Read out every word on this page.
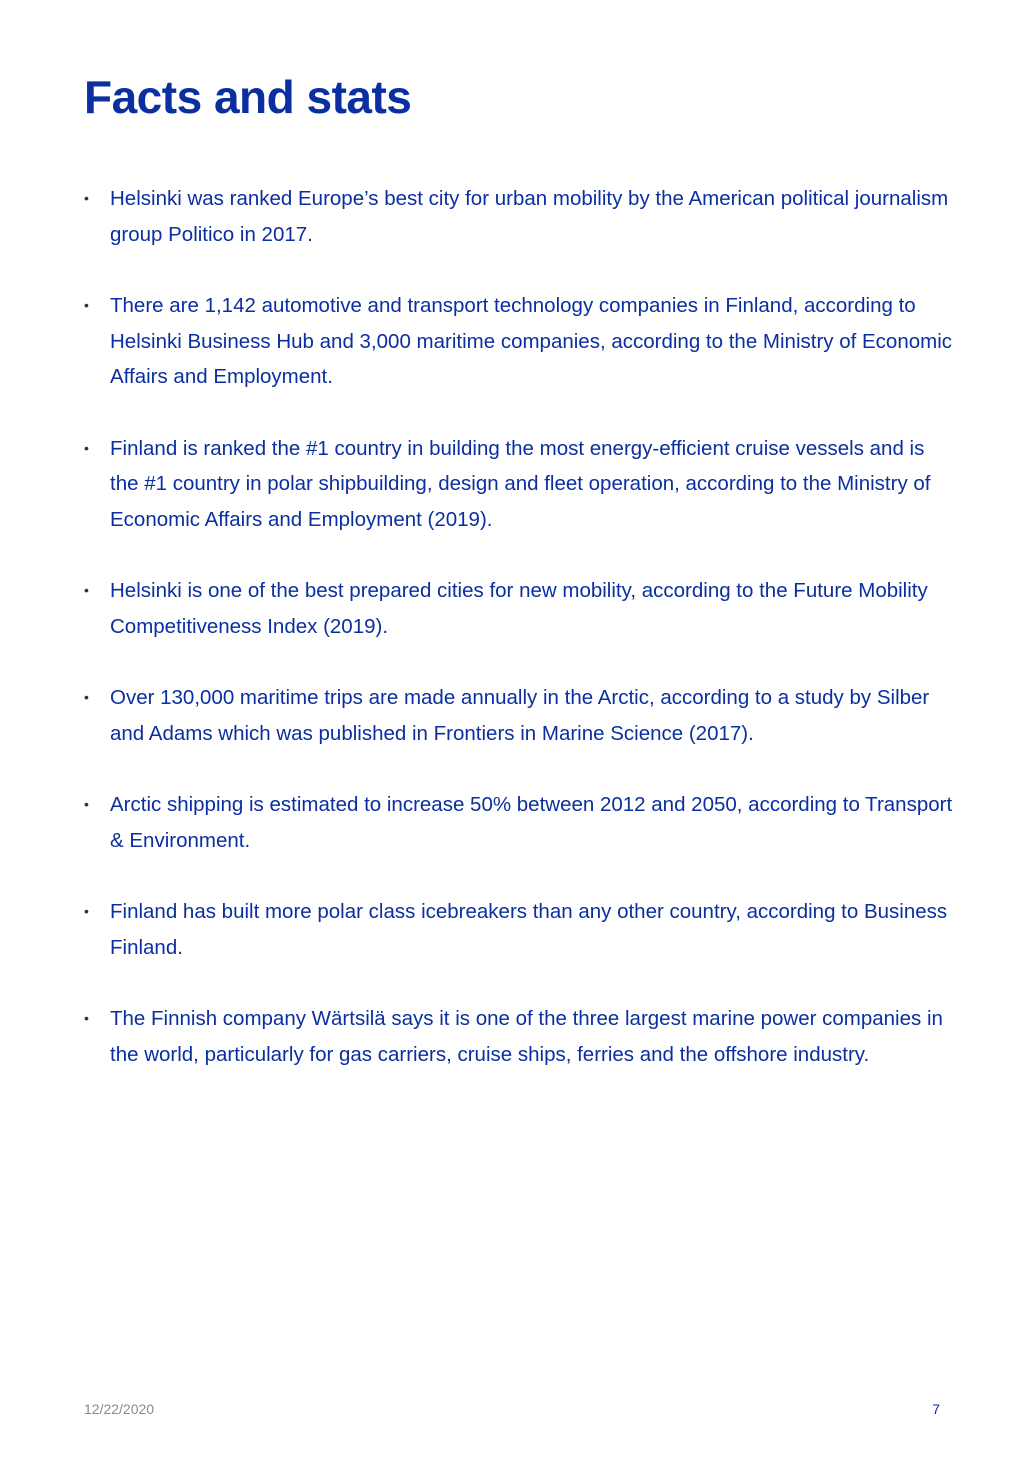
Facts and stats
• Helsinki was ranked Europe’s best city for urban mobility by the American political journalism group Politico in 2017.
• There are 1,142 automotive and transport technology companies in Finland, according to Helsinki Business Hub and 3,000 maritime companies, according to the Ministry of Economic Affairs and Employment.
• Finland is ranked the #1 country in building the most energy-efficient cruise vessels and is the #1 country in polar shipbuilding, design and fleet operation, according to the Ministry of Economic Affairs and Employment (2019).
• Helsinki is one of the best prepared cities for new mobility, according to the Future Mobility Competitiveness Index (2019).
• Over 130,000 maritime trips are made annually in the Arctic, according to a study by Silber and Adams which was published in Frontiers in Marine Science (2017).
• Arctic shipping is estimated to increase 50% between 2012 and 2050, according to Transport & Environment.
• Finland has built more polar class icebreakers than any other country, according to Business Finland.
• The Finnish company Wärtsilä says it is one of the three largest marine power companies in the world, particularly for gas carriers, cruise ships, ferries and the offshore industry.
12/22/2020	7
